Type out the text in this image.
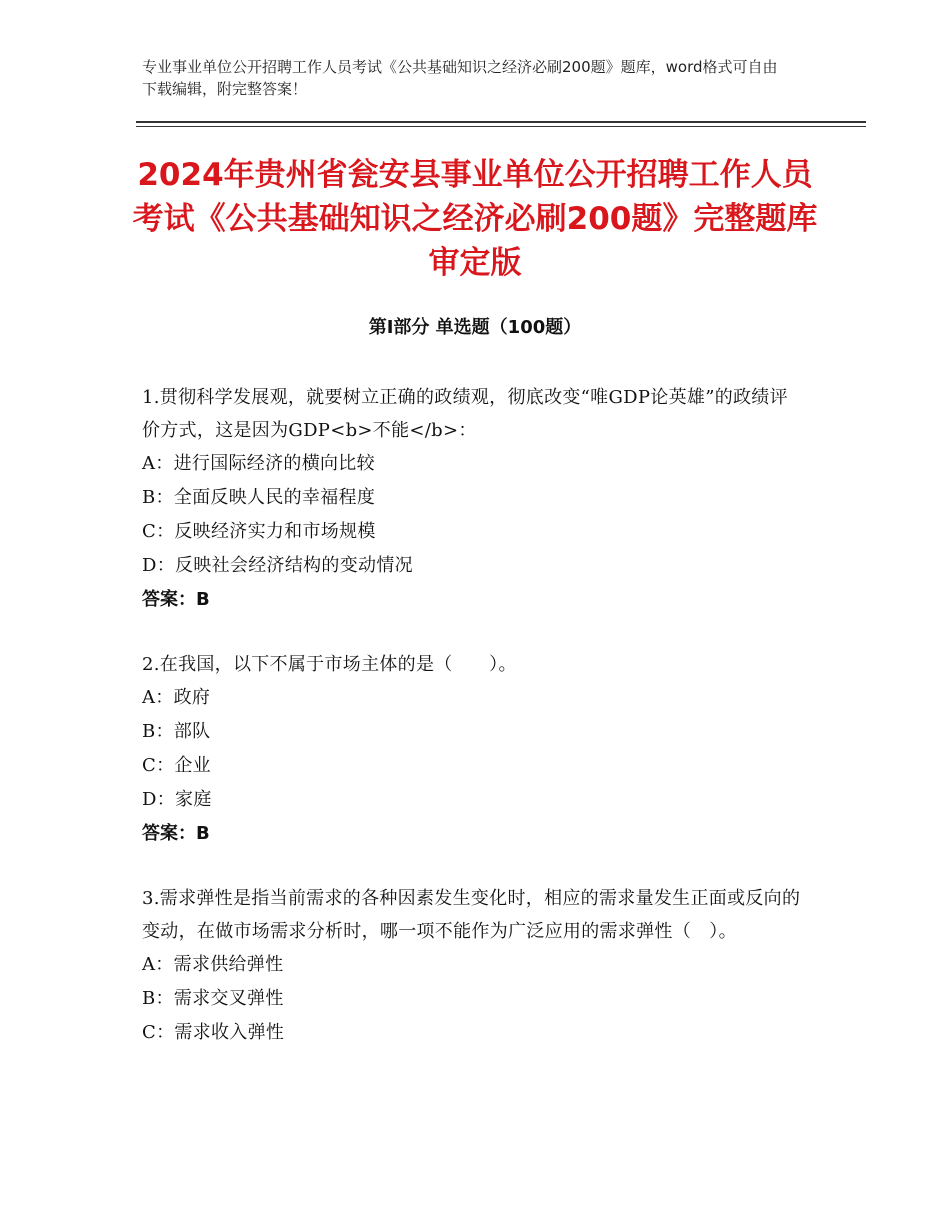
专业事业单位公开招聘工作人员考试《公共基础知识之经济必刷200题》题库，word格式可自由下载编辑，附完整答案！
2024年贵州省瓮安县事业单位公开招聘工作人员考试《公共基础知识之经济必刷200题》完整题库审定版
第Ⅰ部分 单选题（100题）
1.贯彻科学发展观，就要树立正确的政绩观，彻底改变“唯GDP论英雄”的政绩评价方式，这是因为GDP<b>不能</b>：
A：进行国际经济的横向比较
B：全面反映人民的幸福程度
C：反映经济实力和市场规模
D：反映社会经济结构的变动情况
答案：B
2.在我国，以下不属于市场主体的是（　　）。
A：政府
B：部队
C：企业
D：家庭
答案：B
3.需求弹性是指当前需求的各种因素发生变化时，相应的需求量发生正面或反向的变动，在做市场需求分析时，哪一项不能作为广泛应用的需求弹性（　）。
A：需求供给弹性
B：需求交叉弹性
C：需求收入弹性
